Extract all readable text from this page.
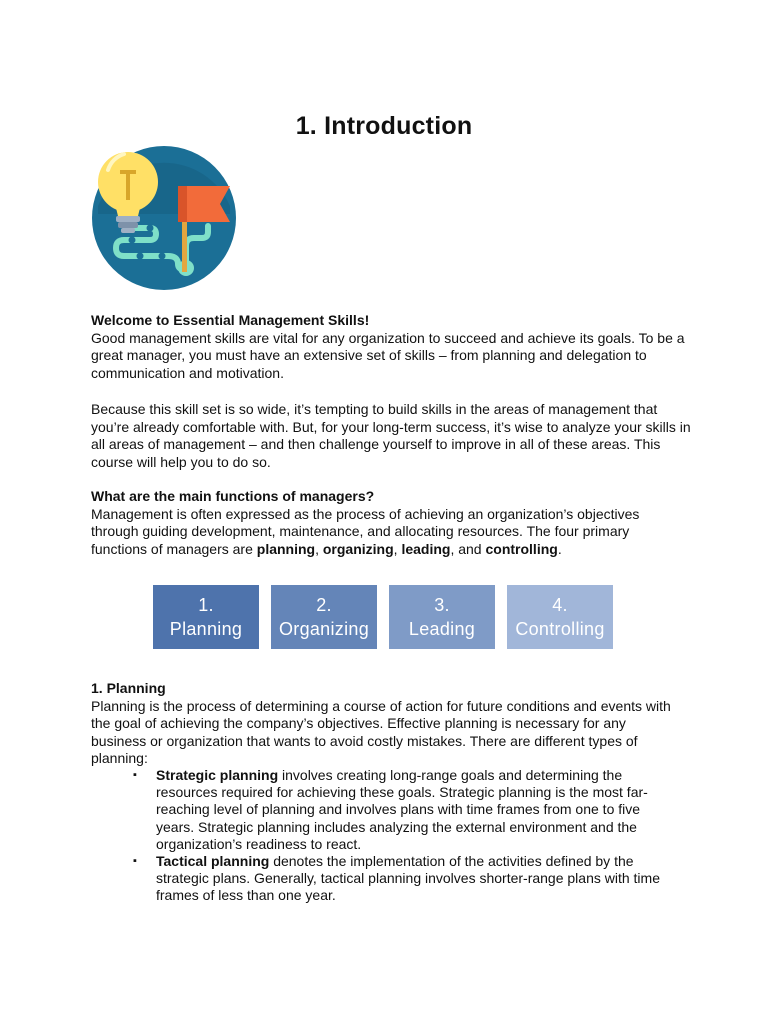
1. Introduction

Welcome to Essential Management Skills!

Good management skills are vital for any organization to succeed and achieve its goals. To be a great manager, you must have an extensive set of skills – from planning and delegation to communication and motivation.

Because this skill set is so wide, it’s tempting to build skills in the areas of management that you’re already comfortable with. But, for your long-term success, it’s wise to analyze your skills in all areas of management – and then challenge yourself to improve in all of these areas. This course will help you to do so.

What are the main functions of managers?

Management is often expressed as the process of achieving an organization’s objectives through guiding development, maintenance, and allocating resources. The four primary functions of managers are planning, organizing, leading, and controlling.

1.
Planning
2.
Organizing
3.
Leading
4.
Controlling

1. Planning

Planning is the process of determining a course of action for future conditions and events with the goal of achieving the company’s objectives. Effective planning is necessary for any business or organization that wants to avoid costly mistakes. There are different types of planning:

▪ Strategic planning involves creating long-range goals and determining the resources required for achieving these goals. Strategic planning is the most far-reaching level of planning and involves plans with time frames from one to five years. Strategic planning includes analyzing the external environment and the organization’s readiness to react.
▪ Tactical planning denotes the implementation of the activities defined by the strategic plans. Generally, tactical planning involves shorter-range plans with time frames of less than one year.
